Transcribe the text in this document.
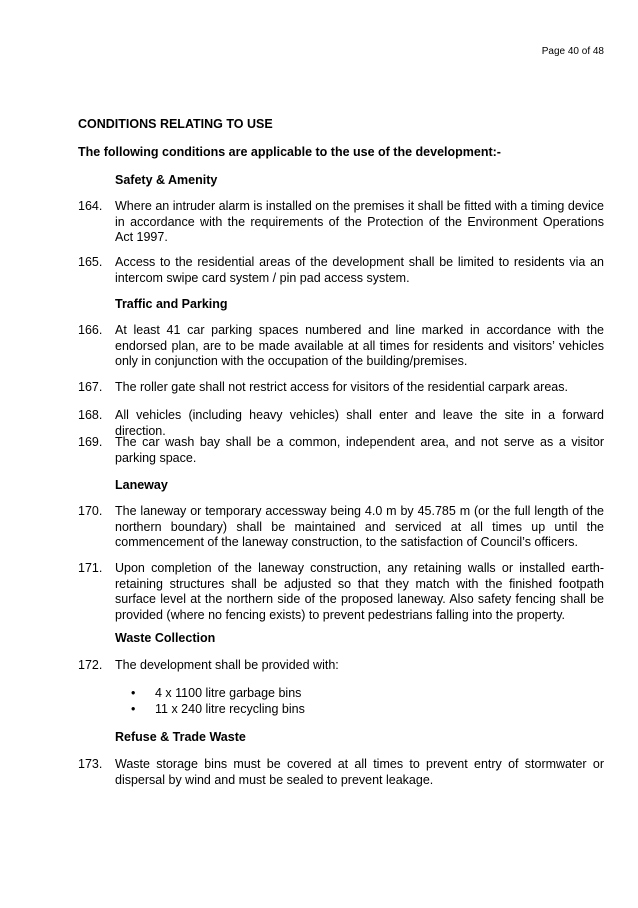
Page 40 of 48
CONDITIONS RELATING TO USE
The following conditions are applicable to the use of the development:-
Safety & Amenity
164. Where an intruder alarm is installed on the premises it shall be fitted with a timing device in accordance with the requirements of the Protection of the Environment Operations Act 1997.
165. Access to the residential areas of the development shall be limited to residents via an intercom swipe card system / pin pad access system.
Traffic and Parking
166. At least 41 car parking spaces numbered and line marked in accordance with the endorsed plan, are to be made available at all times for residents and visitors’ vehicles only in conjunction with the occupation of the building/premises.
167. The roller gate shall not restrict access for visitors of the residential carpark areas.
168. All vehicles (including heavy vehicles) shall enter and leave the site in a forward direction.
169. The car wash bay shall be a common, independent area, and not serve as a visitor parking space.
Laneway
170. The laneway or temporary accessway being 4.0 m by 45.785 m (or the full length of the northern boundary) shall be maintained and serviced at all times up until the commencement of the laneway construction, to the satisfaction of Council’s officers.
171. Upon completion of the laneway construction, any retaining walls or installed earth-retaining structures shall be adjusted so that they match with the finished footpath surface level at the northern side of the proposed laneway. Also safety fencing shall be provided (where no fencing exists) to prevent pedestrians falling into the property.
Waste Collection
172. The development shall be provided with:
• 4 x 1100 litre garbage bins
• 11 x 240 litre recycling bins
Refuse & Trade Waste
173. Waste storage bins must be covered at all times to prevent entry of stormwater or dispersal by wind and must be sealed to prevent leakage.
